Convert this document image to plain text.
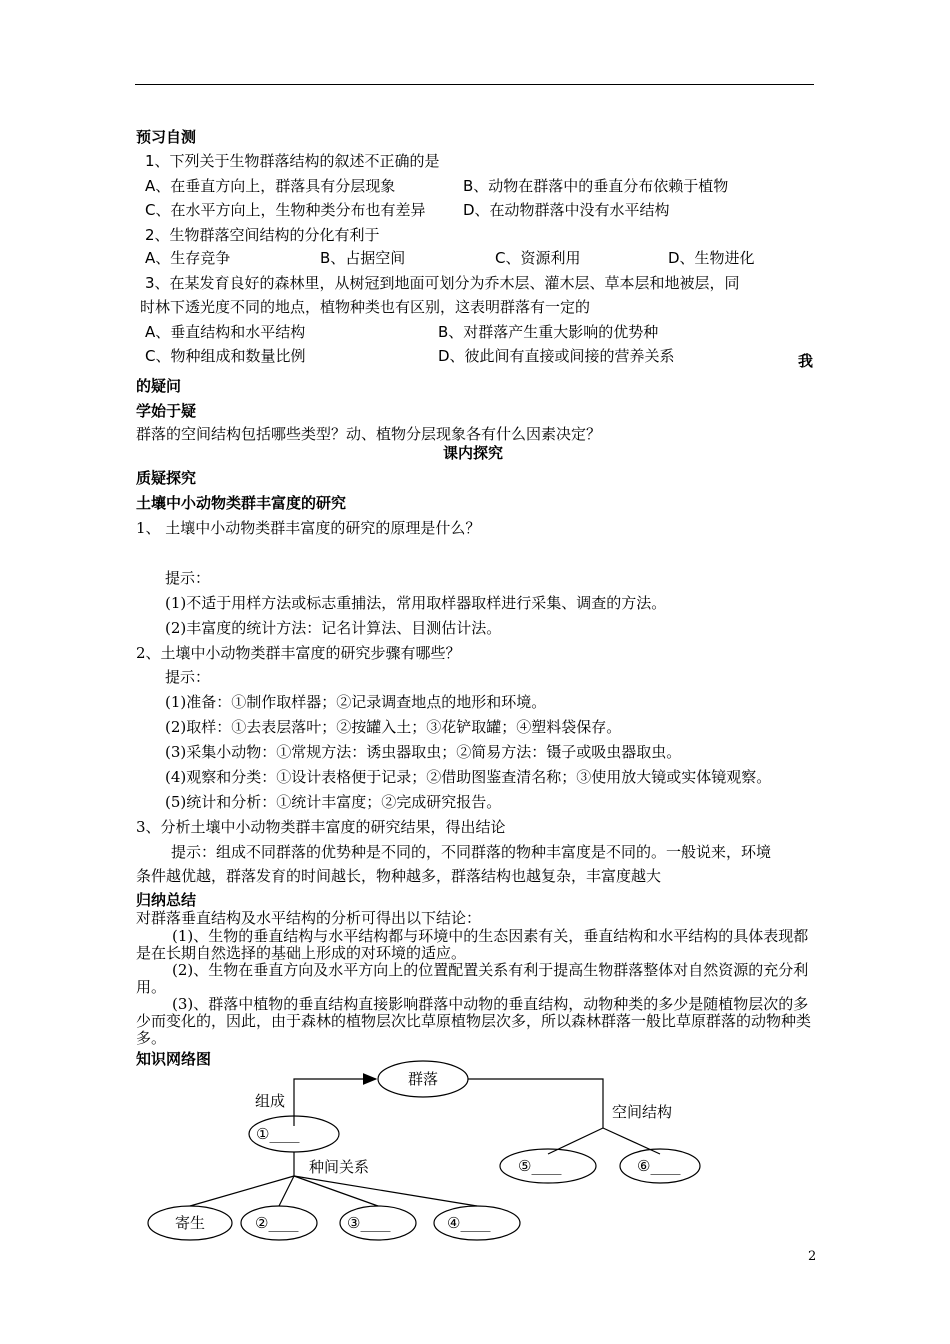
预习自测
1、下列关于生物群落结构的叙述不正确的是
A、在垂直方向上，群落具有分层现象	B、动物在群落中的垂直分布依赖于植物
C、在水平方向上，生物种类分布也有差异	D、在动物群落中没有水平结构
2、生物群落空间结构的分化有利于
A、生存竞争	B、占据空间	C、资源利用	D、生物进化
3、在某发育良好的森林里，从树冠到地面可划分为乔木层、灌木层、草本层和地被层，同
时林下透光度不同的地点，植物种类也有区别，这表明群落有一定的
A、垂直结构和水平结构	B、对群落产生重大影响的优势种
C、物种组成和数量比例	D、彼此间有直接或间接的营养关系	我
的疑问
学始于疑
群落的空间结构包括哪些类型？动、植物分层现象各有什么因素决定？
课内探究
质疑探究
土壤中小动物类群丰富度的研究
1、 土壤中小动物类群丰富度的研究的原理是什么？
提示：
(1)不适于用样方法或标志重捕法，常用取样器取样进行采集、调查的方法。
(2)丰富度的统计方法：记名计算法、目测估计法。
2、土壤中小动物类群丰富度的研究步骤有哪些？
提示：
(1)准备：①制作取样器；②记录调查地点的地形和环境。
(2)取样：①去表层落叶；②按罐入土；③花铲取罐；④塑料袋保存。
(3)采集小动物：①常规方法：诱虫器取虫；②简易方法：镊子或吸虫器取虫。
(4)观察和分类：①设计表格便于记录；②借助图鉴查清名称；③使用放大镜或实体镜观察。
(5)统计和分析：①统计丰富度；②完成研究报告。
3、分析土壤中小动物类群丰富度的研究结果，得出结论
提示：组成不同群落的优势种是不同的，不同群落的物种丰富度是不同的。一般说来，环境
条件越优越，群落发育的时间越长，物种越多，群落结构也越复杂，丰富度越大
归纳总结
对群落垂直结构及水平结构的分析可得出以下结论：
(1)、生物的垂直结构与水平结构都与环境中的生态因素有关，垂直结构和水平结构的具体表现都是在长期自然选择的基础上形成的对环境的适应。
(2)、生物在垂直方向及水平方向上的位置配置关系有利于提高生物群落整体对自然资源的充分利用。
(3)、群落中植物的垂直结构直接影响群落中动物的垂直结构，动物种类的多少是随植物层次的多少而变化的，因此，由于森林的植物层次比草原植物层次多，所以森林群落一般比草原群落的动物种类多。
知识网络图
群落
组成
空间结构
①____
⑤____	⑥____
种间关系
寄生	②____	③____	④____
2
